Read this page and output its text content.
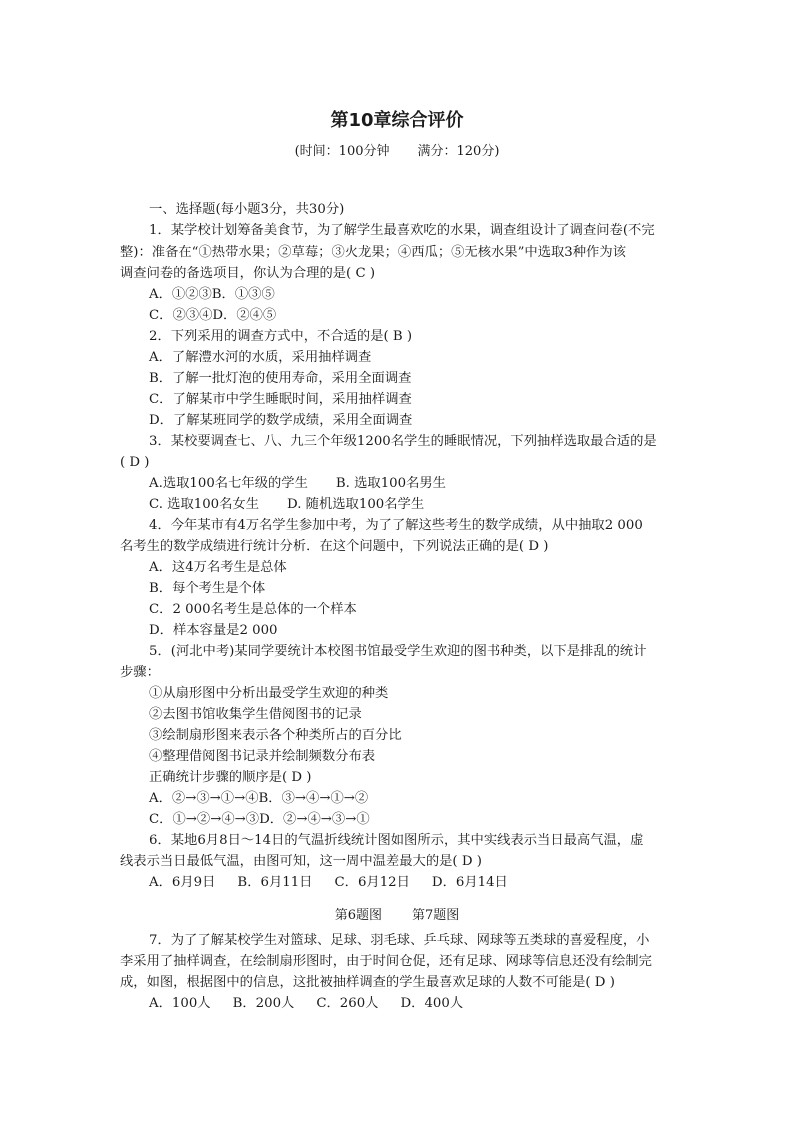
第10章综合评价
(时间：100分钟 满分：120分)
一、选择题(每小题3分，共30分)
1．某学校计划筹备美食节，为了解学生最喜欢吃的水果，调查组设计了调查问卷(不完
整)：准备在“①热带水果；②草莓；③火龙果；④西瓜；⑤无核水果”中选取3种作为该
调查问卷的备选项目，你认为合理的是( C )
A．①②③B．①③⑤
C．②③④D．②④⑤
2．下列采用的调查方式中，不合适的是( B )
A．了解澧水河的水质，采用抽样调查
B．了解一批灯泡的使用寿命，采用全面调查
C．了解某市中学生睡眠时间，采用抽样调查
D．了解某班同学的数学成绩，采用全面调查
3．某校要调查七、八、九三个年级1200名学生的睡眠情况，下列抽样选取最合适的是
( D )
A.选取100名七年级的学生 B. 选取100名男生
C. 选取100名女生 D. 随机选取100名学生
4．今年某市有4万名学生参加中考，为了了解这些考生的数学成绩，从中抽取2 000
名考生的数学成绩进行统计分析．在这个问题中，下列说法正确的是( D )
A．这4万名考生是总体
B．每个考生是个体
C．2 000名考生是总体的一个样本
D．样本容量是2 000
5．(河北中考)某同学要统计本校图书馆最受学生欢迎的图书种类，以下是排乱的统计
步骤：
①从扇形图中分析出最受学生欢迎的种类
②去图书馆收集学生借阅图书的记录
③绘制扇形图来表示各个种类所占的百分比
④整理借阅图书记录并绘制频数分布表
正确统计步骤的顺序是( D )
A．②→③→①→④B．③→④→①→②
C．①→②→④→③D．②→④→③→①
6．某地6月8日～14日的气温折线统计图如图所示，其中实线表示当日最高气温，虚
线表示当日最低气温，由图可知，这一周中温差最大的是( D )
A．6月9日 B．6月11日 C．6月12日 D．6月14日
第6题图 第7题图
7．为了了解某校学生对篮球、足球、羽毛球、乒乓球、网球等五类球的喜爱程度，小
李采用了抽样调查，在绘制扇形图时，由于时间仓促，还有足球、网球等信息还没有绘制完
成，如图，根据图中的信息，这批被抽样调查的学生最喜欢足球的人数不可能是( D )
A．100人 B．200人 C．260人 D．400人
